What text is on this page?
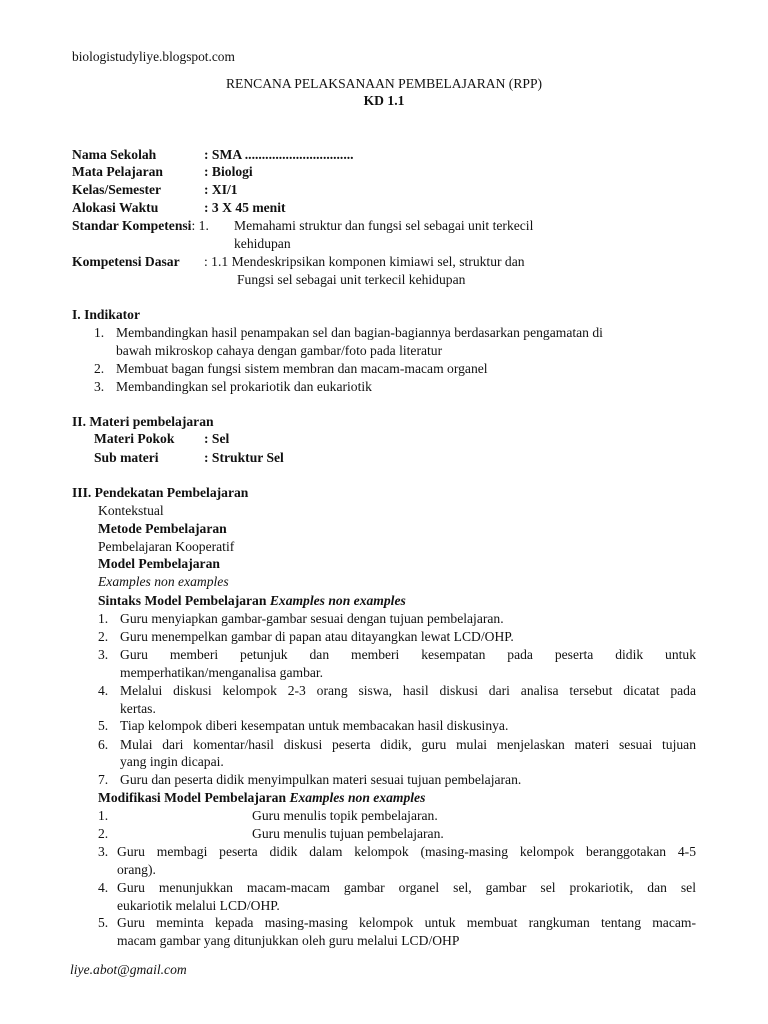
biologistudyliye.blogspot.com
RENCANA PELAKSANAAN PEMBELAJARAN (RPP)
KD 1.1
Nama Sekolah	: SMA ................................
Mata Pelajaran	: Biologi
Kelas/Semester	: XI/1
Alokasi Waktu	: 3 X 45 menit
Standar Kompetensi: 1. Memahami struktur dan fungsi sel sebagai unit terkecil
kehidupan
Kompetensi Dasar : 1.1 Mendeskripsikan komponen kimiawi sel, struktur dan
Fungsi sel sebagai unit terkecil kehidupan
I. Indikator
1. Membandingkan hasil penampakan sel dan bagian-bagiannya berdasarkan pengamatan di
bawah mikroskop cahaya dengan gambar/foto pada literatur
2. Membuat bagan fungsi sistem membran dan macam-macam organel
3. Membandingkan sel prokariotik dan eukariotik
II. Materi pembelajaran
Materi Pokok : Sel
Sub materi	: Struktur Sel
III. Pendekatan Pembelajaran
Kontekstual
Metode Pembelajaran
Pembelajaran Kooperatif
Model Pembelajaran
Examples non examples
Sintaks Model Pembelajaran Examples non examples
1. Guru menyiapkan gambar-gambar sesuai dengan tujuan pembelajaran.
2. Guru menempelkan gambar di papan atau ditayangkan lewat LCD/OHP.
3. Guru memberi petunjuk dan memberi kesempatan pada peserta didik untuk
memperhatikan/menganalisa gambar.
4. Melalui diskusi kelompok 2-3 orang siswa, hasil diskusi dari analisa tersebut dicatat pada
kertas.
5. Tiap kelompok diberi kesempatan untuk membacakan hasil diskusinya.
6. Mulai dari komentar/hasil diskusi peserta didik, guru mulai menjelaskan materi sesuai tujuan
yang ingin dicapai.
7. Guru dan peserta didik menyimpulkan materi sesuai tujuan pembelajaran.
Modifikasi Model Pembelajaran Examples non examples
1.	Guru menulis topik pembelajaran.
2.	Guru menulis tujuan pembelajaran.
3. Guru membagi peserta didik dalam kelompok (masing-masing kelompok beranggotakan 4-5
orang).
4. Guru menunjukkan macam-macam gambar organel sel, gambar sel prokariotik, dan sel
eukariotik melalui LCD/OHP.
5. Guru meminta kepada masing-masing kelompok untuk membuat rangkuman tentang macam-
macam gambar yang ditunjukkan oleh guru melalui LCD/OHP
liye.abot@gmail.com
